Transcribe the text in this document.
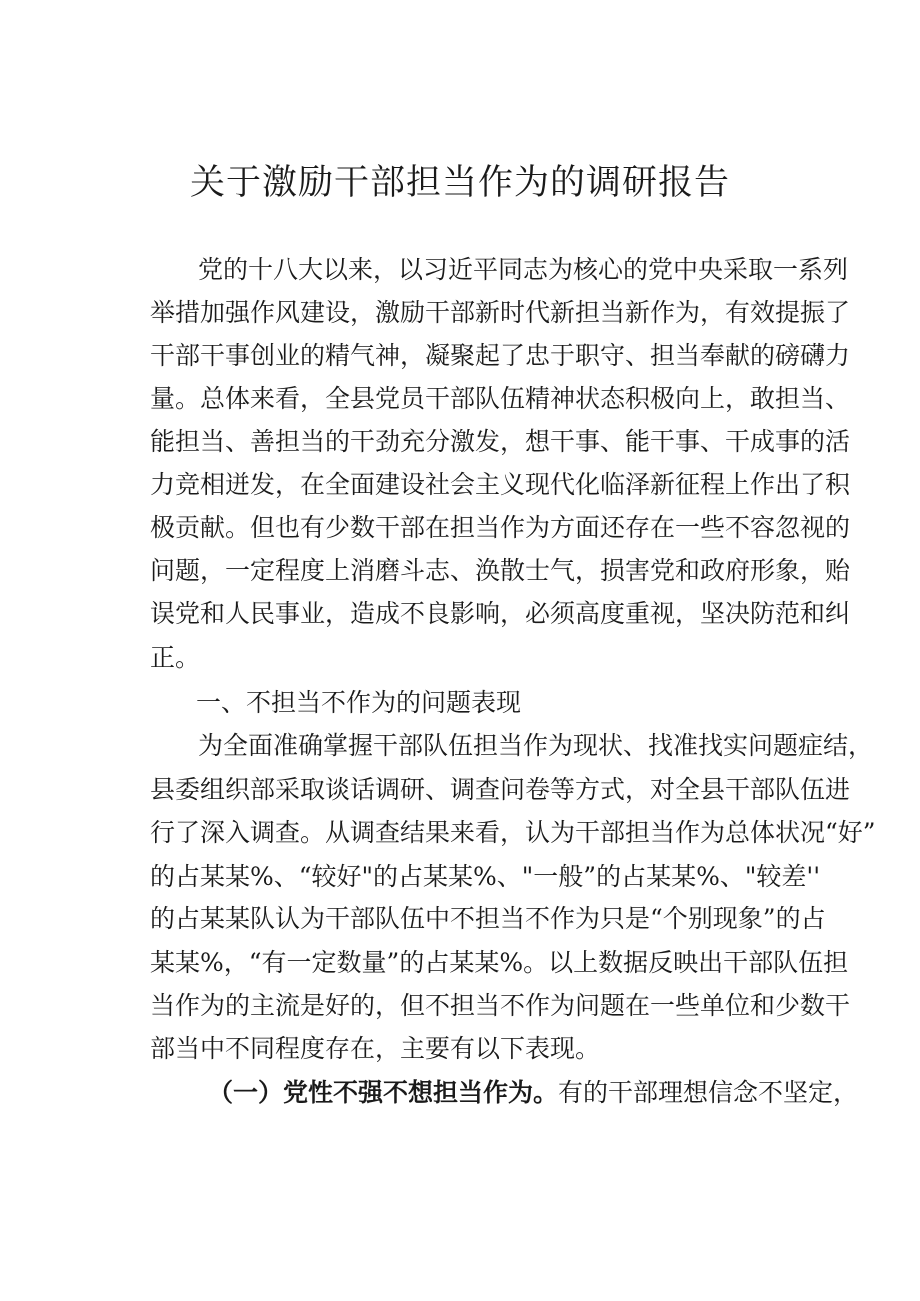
关于激励干部担当作为的调研报告
党的十八大以来，以习近平同志为核心的党中央采取一系列
举措加强作风建设，激励干部新时代新担当新作为，有效提振了
干部干事创业的精气神，凝聚起了忠于职守、担当奉献的磅礴力
量。总体来看，全县党员干部队伍精神状态积极向上，敢担当、
能担当、善担当的干劲充分激发，想干事、能干事、干成事的活
力竞相迸发，在全面建设社会主义现代化临泽新征程上作出了积
极贡献。但也有少数干部在担当作为方面还存在一些不容忽视的
问题，一定程度上消磨斗志、涣散士气，损害党和政府形象，贻
误党和人民事业，造成不良影响，必须高度重视，坚决防范和纠
正。
一、不担当不作为的问题表现
为全面准确掌握干部队伍担当作为现状、找准找实问题症结，
县委组织部采取谈话调研、调查问卷等方式，对全县干部队伍进
行了深入调查。从调查结果来看，认为干部担当作为总体状况“好”
的占某某%、“较好"的占某某%、"一般”的占某某%、"较差''
的占某某队认为干部队伍中不担当不作为只是“个别现象”的占
某某%，“有一定数量”的占某某%。以上数据反映出干部队伍担
当作为的主流是好的，但不担当不作为问题在一些单位和少数干
部当中不同程度存在，主要有以下表现。
（一）党性不强不想担当作为。有的干部理想信念不坚定，
